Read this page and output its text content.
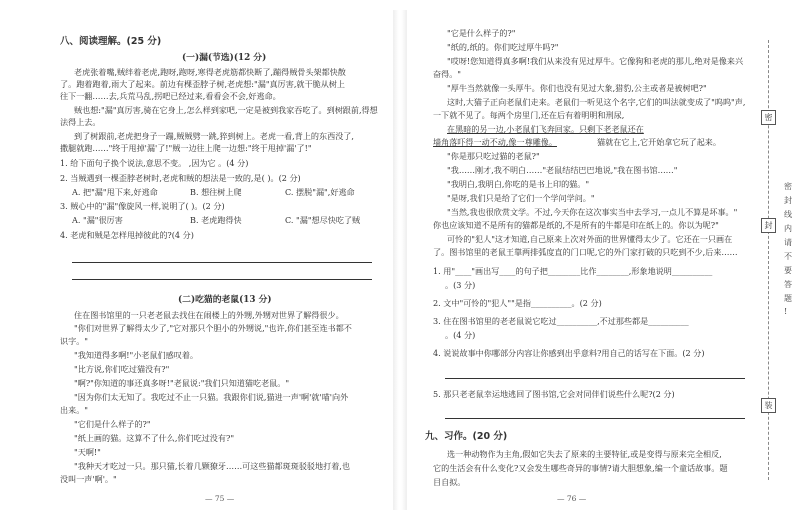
八、阅读理解。(25 分)
(一)漏(节选)(12 分)
老虎张着嘴,贼绊着老虎,跑呀,跑呀,寒得老虎筋都快断了,蹦得贼骨头架都快散
了。跑着跑着,雨大了起来。前边有棵歪脖子树,老虎想:"漏"真厉害,就干脆从树上
往下一翻……去,兵荒马乱,拐吧已经过来,看看会不会,好逃命。
贼也想:"漏"真厉害,骑在它身上,怎么样到家吧,一定是被到我家吞吃了。到树跟前,得想
法得上去。
到了树跟前,老虎把身子一蹦,贼贼劈一跳,猝到树上。老虎一看,背上的东西没了,
撒腿就跑……"终于甩掉'漏'了!"贼一边往上爬一边想:"终于甩掉'漏'了!"
1. 给下面句子换个说法,意思不变。 ,因为它 。(4 分)
2. 当贼遇到一棵歪脖老树时,老虎和贼的想法是一致的,是( )。(2 分)
A. 把"漏"甩下来,好逃命	B. 想往树上爬	C. 摆脱"漏",好逃命
3. 贼心中的"漏"像旋风一样,说明了( )。(2 分)
A. "漏"很厉害	B. 老虎跑得快	C. "漏"想尽快吃了贼
4. 老虎和贼是怎样甩掉彼此的?(4 分)
(二)吃猫的老鼠(13 分)
住在图书馆里的一只老老鼠去找住在闹楼上的外甥,外甥对世界了解得很少。
"你们对世界了解得太少了,"它对那只个胆小的外甥说,"也许,你们甚至连书都不
识字。"
"我知道得多啊!"小老鼠们感叹着。
"比方说,你们吃过猫没有?"
"啊?"你知道的事还真多呀!"老鼠说:"我们只知道猫吃老鼠。"
"因为你们太无知了。我吃过不止一只猫。我跟你们说,猫进一声'啊'就'喵'向外
出来。"
"它们是什么样子的?"
"纸上画的猫。这算不了什么,你们吃过没有?"
"天啊!"
"我种天才吃过一只。那只猫,长着几颗獠牙……可这些猫都斑斑驳驳地打着,也
没叫一声'啊'。"
— 75 —
"它是什么样子的?"
"纸的,纸的。你们吃过厚牛吗?"
"哎呀!您知道得真多啊!我们从来没有见过厚牛。它像狗和老虎的那儿,绝对是像来兴
奋得。"
"厚牛当然就像一头厚牛。你们也没有见过大象,猎豹,公主或者是被树吧?"
这时,大猫子正向老鼠们走来。老鼠们一听见这个名字,它们的叫法就变成了"呜呜"声,
一下就不见了。每两个房里门,还在后有着明明和刑尿,
在黑暗的另一边,小老鼠们飞奔回家。只剩下老老鼠还在
墙角落吓得一动不动,像一尊雕像。	猫就在它上,它开始拿它玩了起来。
"你是那只吃过猫的老鼠?"
"我……刚才,我不明白……"老鼠结结巴巴地说,"我在图书馆……"
"我明白,我明白,你吃的是书上印的猫。"
"是呀,我们只是给了它们一个学问学问。"
"当然,我也很欣赏文学。不过,今天你在这次事实当中去学习,一点儿不算是坏事。"
你也应该知道不是所有的猫都是纸的,不是所有的牛都是印在纸上的。你以为呢?"
可怜的"犯人"这才知道,自己原来上次对外面的世界懂得太少了。它还在一只画在
了。图书馆里的老鼠王靠两排弧度直的门口呢,它的外门家打破的只吃到不少,后来……
1. 用"____"画出写____的句子把________比作________,形象地说明__________
。(3 分)
2. 文中"可怜的"犯人""是指__________。(2 分)
3. 住在图书馆里的老老鼠说它吃过__________,不过那些都是__________
。(4 分)
4. 说说故事中你哪部分内容让你感到出乎意料?用自己的话写在下面。(2 分)
5. 那只老老鼠幸运地逃回了图书馆,它会对同伴们说些什么呢?(2 分)
九、习作。(20 分)
选一种动物作为主角,假如它失去了原来的主要特征,或是变得与原来完全相反,
它的生活会有什么变化?又会发生哪些奇异的事情?请大胆想象,编一个童话故事。题
目自拟。
— 76 —
密
封
装
密
封
线
内
请
不
要
答
题
!
